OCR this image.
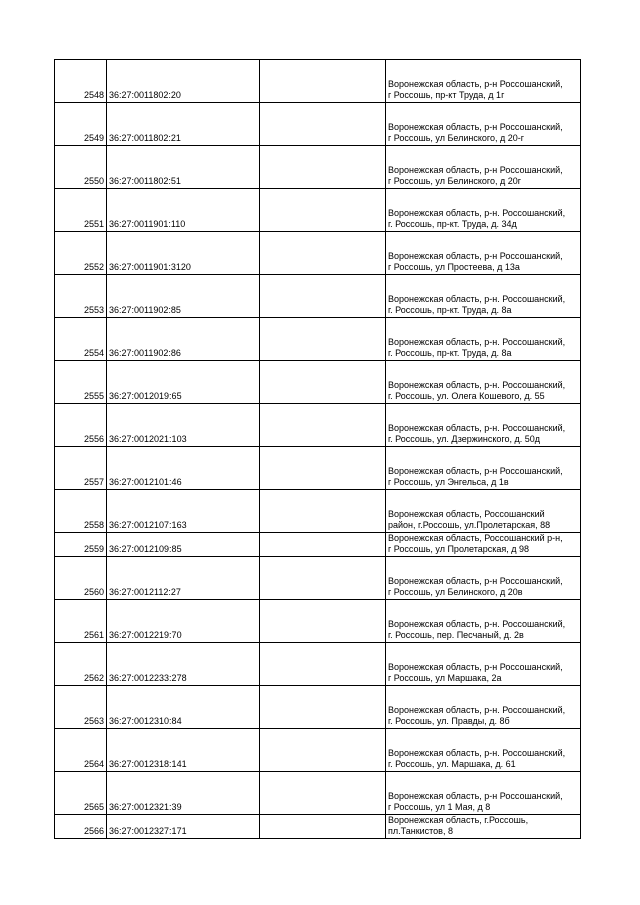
2548	36:27:0011802:20		Воронежская область, р-н Россошанский,
г Россошь, пр-кт Труда, д 1г
2549	36:27:0011802:21		Воронежская область, р-н Россошанский,
г Россошь, ул Белинского, д 20-г
2550	36:27:0011802:51		Воронежская область, р-н Россошанский,
г Россошь, ул Белинского, д 20г
2551	36:27:0011901:110		Воронежская область, р-н. Россошанский,
г. Россошь, пр-кт. Труда, д. 34д
2552	36:27:0011901:3120		Воронежская область, р-н Россошанский,
г Россошь, ул Простеева, д 13а
2553	36:27:0011902:85		Воронежская область, р-н. Россошанский,
г. Россошь, пр-кт. Труда, д. 8а
2554	36:27:0011902:86		Воронежская область, р-н. Россошанский,
г. Россошь, пр-кт. Труда, д. 8а
2555	36:27:0012019:65		Воронежская область, р-н. Россошанский,
г. Россошь, ул. Олега Кошевого, д. 55
2556	36:27:0012021:103		Воронежская область, р-н. Россошанский,
г. Россошь, ул. Дзержинского, д. 50д
2557	36:27:0012101:46		Воронежская область, р-н Россошанский,
г Россошь, ул Энгельса, д 1в
2558	36:27:0012107:163		Воронежская область, Россошанский
район, г.Россошь, ул.Пролетарская, 88
2559	36:27:0012109:85		Воронежская область, Россошанский р-н,
г Россошь, ул Пролетарская, д 98
2560	36:27:0012112:27		Воронежская область, р-н Россошанский,
г Россошь, ул Белинского, д 20в
2561	36:27:0012219:70		Воронежская область, р-н. Россошанский,
г. Россошь, пер. Песчаный, д. 2в
2562	36:27:0012233:278		Воронежская область, р-н Россошанский,
г Россошь, ул Маршака, 2а
2563	36:27:0012310:84		Воронежская область, р-н. Россошанский,
г. Россошь, ул. Правды, д. 8б
2564	36:27:0012318:141		Воронежская область, р-н. Россошанский,
г. Россошь, ул. Маршака, д. 61
2565	36:27:0012321:39		Воронежская область, р-н Россошанский,
г Россошь, ул 1 Мая, д 8
2566	36:27:0012327:171		Воронежская область, г.Россошь,
пл.Танкистов, 8
